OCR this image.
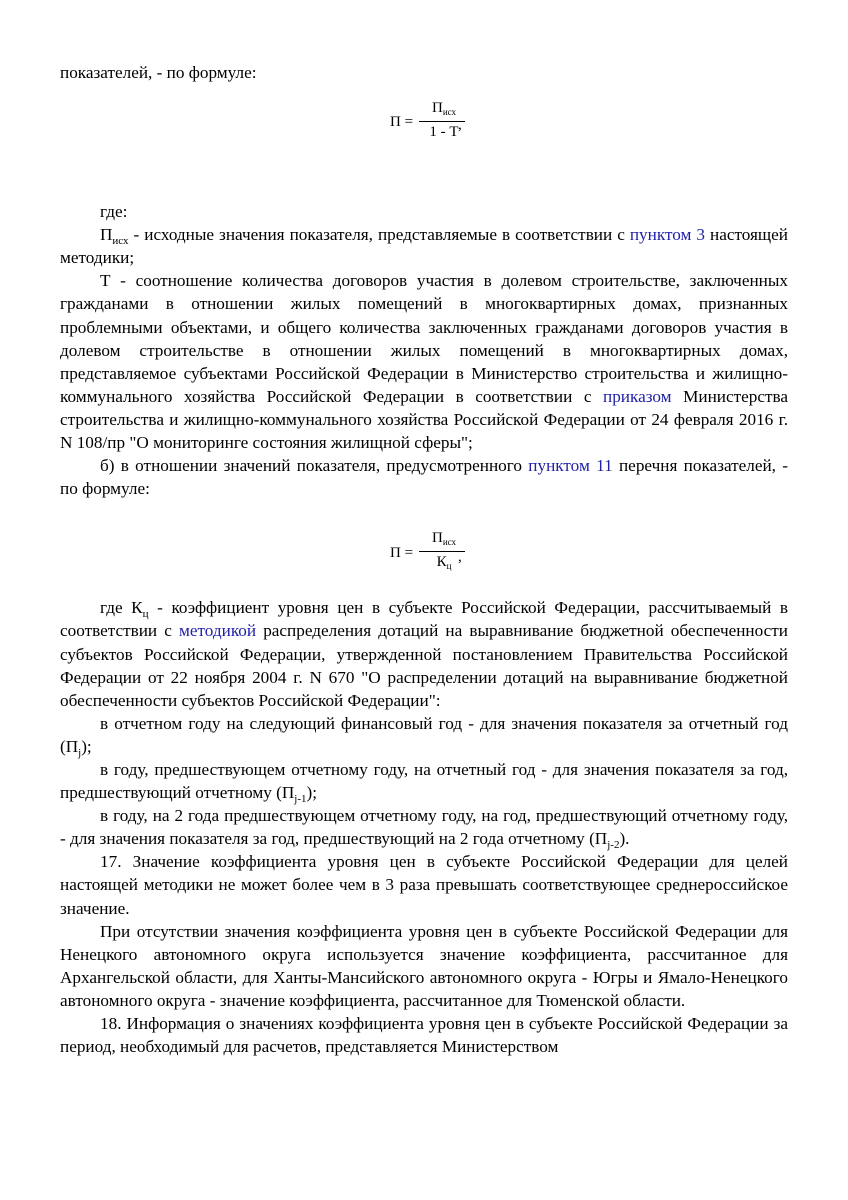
показателей, - по формуле:

П =
$П_{исх}$
1 - Т ,

где:

$П_{исх}$ - исходные значения показателя, представляемые в соответствии с пунктом 3 настоящей методики;

Т - соотношение количества договоров участия в долевом строительстве, заключенных гражданами в отношении жилых помещений в многоквартирных домах, признанных проблемными объектами, и общего количества заключенных гражданами договоров участия в долевом строительстве в отношении жилых помещений в многоквартирных домах, представляемое субъектами Российской Федерации в Министерство строительства и жилищно-коммунального хозяйства Российской Федерации в соответствии с приказом Министерства строительства и жилищно-коммунального хозяйства Российской Федерации от 24 февраля 2016 г. N 108/пр "О мониторинге состояния жилищной сферы";

б) в отношении значений показателя, предусмотренного пунктом 11 перечня показателей, - по формуле:

П =
$П_{исх}$
$К_ц$
,

где $К_ц$ - коэффициент уровня цен в субъекте Российской Федерации, рассчитываемый в соответствии с методикой распределения дотаций на выравнивание бюджетной обеспеченности субъектов Российской Федерации, утвержденной постановлением Правительства Российской Федерации от 22 ноября 2004 г. N 670 "О распределении дотаций на выравнивание бюджетной обеспеченности субъектов Российской Федерации":

в отчетном году на следующий финансовый год - для значения показателя за отчетный год $(П_j)$;

в году, предшествующем отчетному году, на отчетный год - для значения показателя за год, предшествующий отчетному $(П_{j-1})$;

в году, на 2 года предшествующем отчетному году, на год, предшествующий отчетному году, - для значения показателя за год, предшествующий на 2 года отчетному $(П_{j-2})$.

17. Значение коэффициента уровня цен в субъекте Российской Федерации для целей настоящей методики не может более чем в 3 раза превышать соответствующее среднероссийское значение.

При отсутствии значения коэффициента уровня цен в субъекте Российской Федерации для Ненецкого автономного округа используется значение коэффициента, рассчитанное для Архангельской области, для Ханты-Мансийского автономного округа - Югры и Ямало-Ненецкого автономного округа - значение коэффициента, рассчитанное для Тюменской области.

18. Информация о значениях коэффициента уровня цен в субъекте Российской Федерации за период, необходимый для расчетов, представляется Министерством
